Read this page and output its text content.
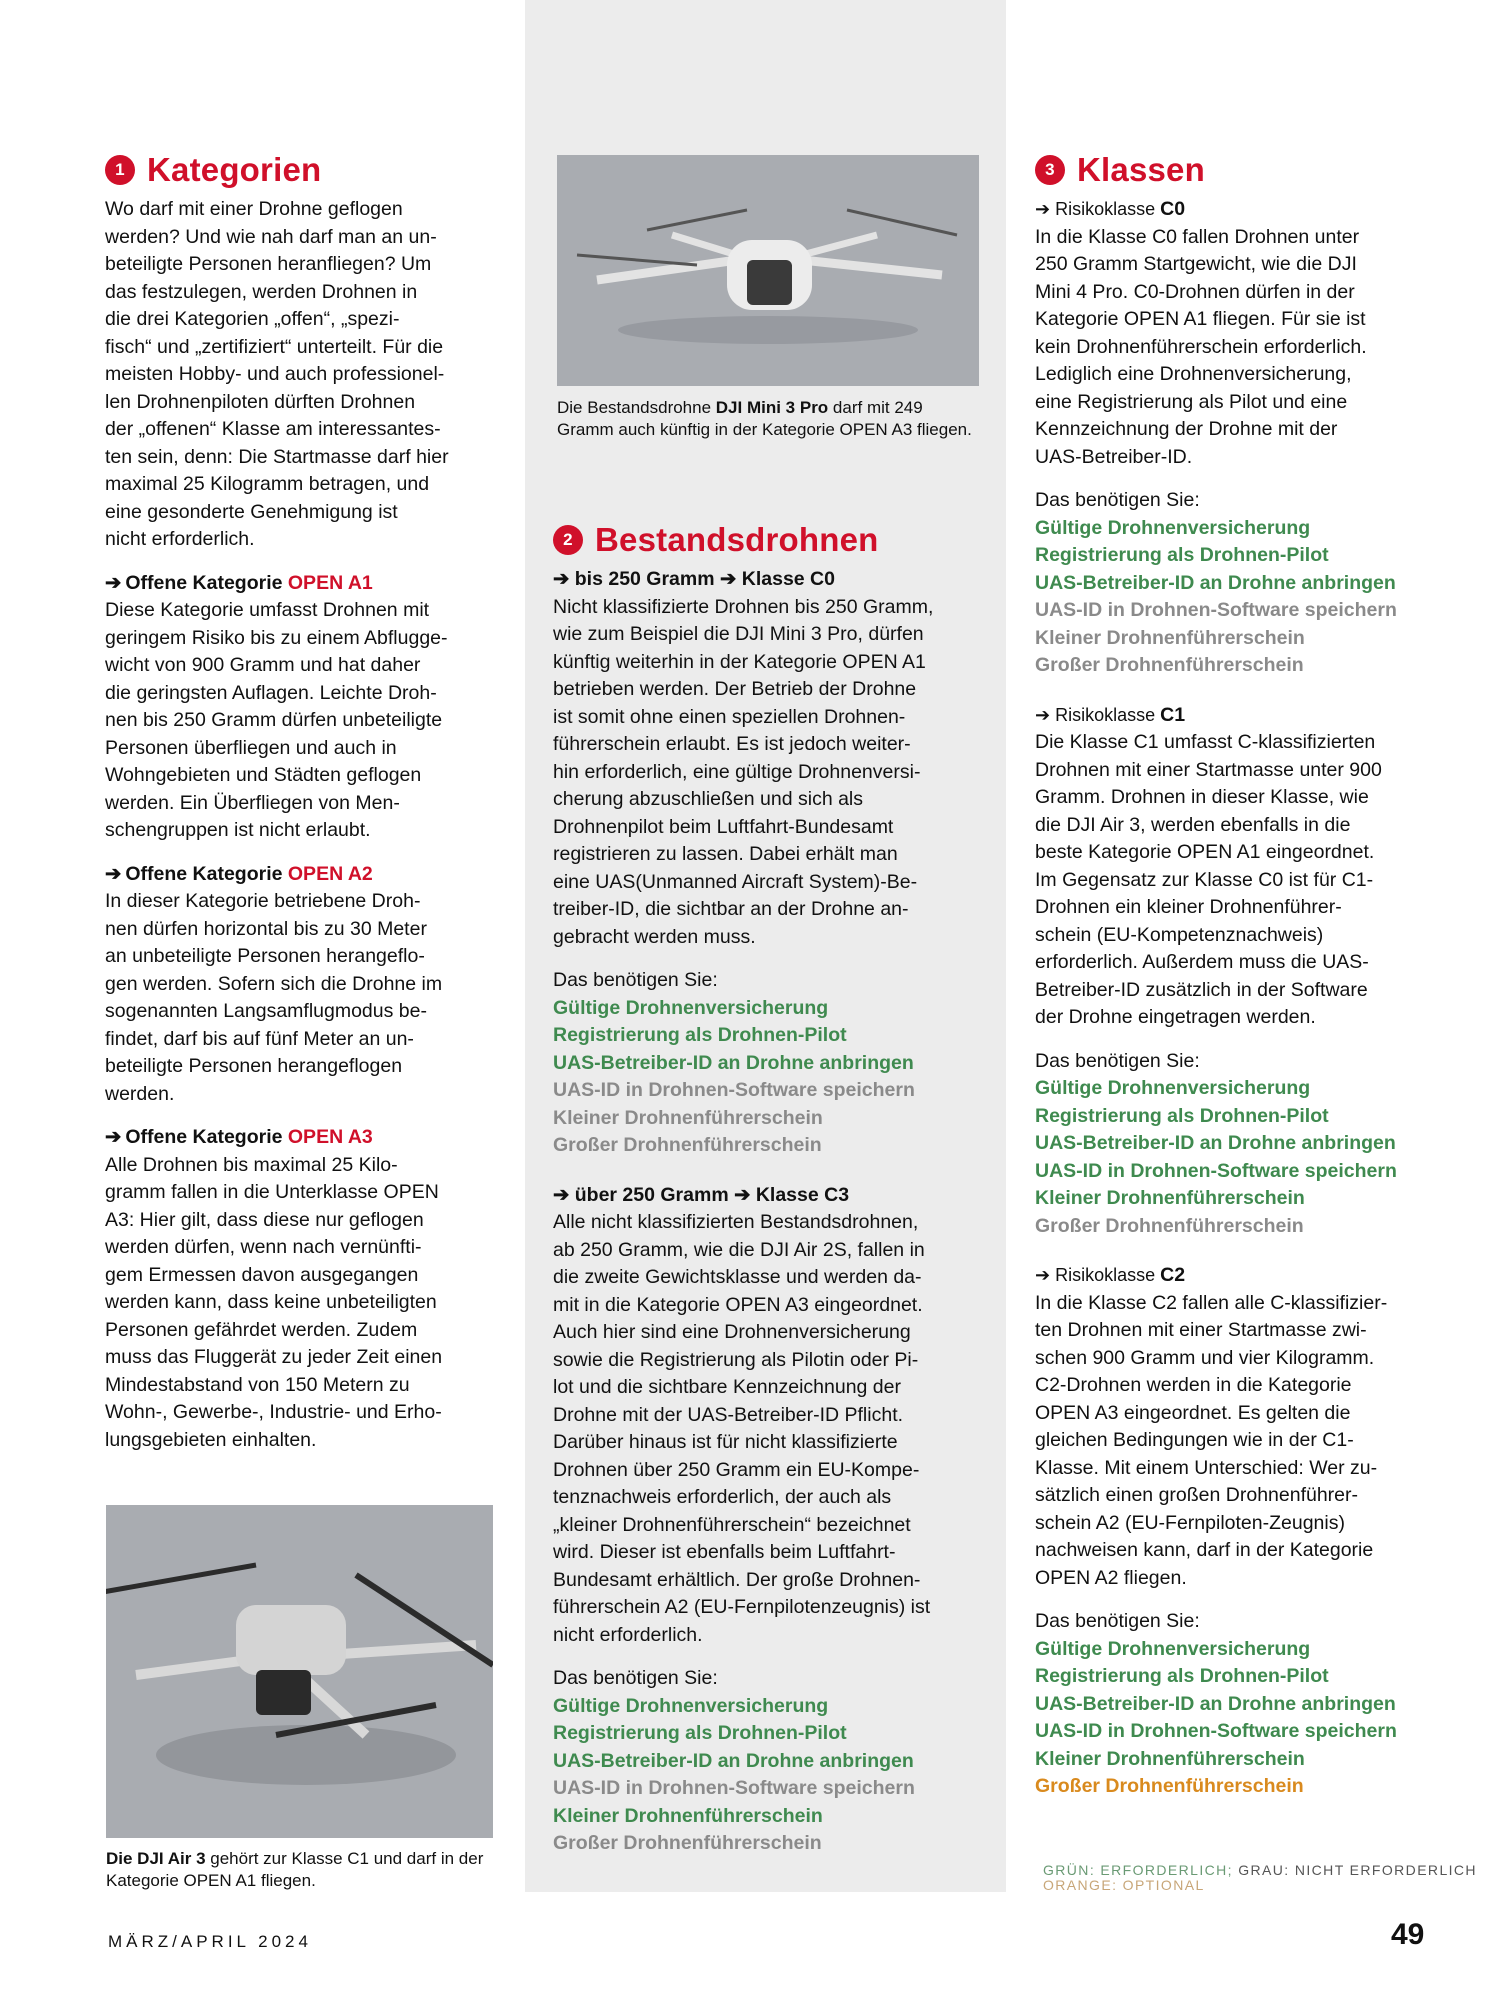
1 Kategorien
Wo darf mit einer Drohne geflogen
werden? Und wie nah darf man an un-
beteiligte Personen heranfliegen? Um
das festzulegen, werden Drohnen in
die drei Kategorien „offen“, „spezi-
fisch“ und „zertifiziert“ unterteilt. Für die
meisten Hobby- und auch professionel-
len Drohnenpiloten dürften Drohnen
der „offenen“ Klasse am interessantes-
ten sein, denn: Die Startmasse darf hier
maximal 25 Kilogramm betragen, und
eine gesonderte Genehmigung ist
nicht erforderlich.
➔ Offene Kategorie OPEN A1
Diese Kategorie umfasst Drohnen mit
geringem Risiko bis zu einem Abflugge-
wicht von 900 Gramm und hat daher
die geringsten Auflagen. Leichte Droh-
nen bis 250 Gramm dürfen unbeteiligte
Personen überfliegen und auch in
Wohngebieten und Städten geflogen
werden. Ein Überfliegen von Men-
schengruppen ist nicht erlaubt.
➔ Offene Kategorie OPEN A2
In dieser Kategorie betriebene Droh-
nen dürfen horizontal bis zu 30 Meter
an unbeteiligte Personen herangeflo-
gen werden. Sofern sich die Drohne im
sogenannten Langsamflugmodus be-
findet, darf bis auf fünf Meter an un-
beteiligte Personen herangeflogen
werden.
➔ Offene Kategorie OPEN A3
Alle Drohnen bis maximal 25 Kilo-
gramm fallen in die Unterklasse OPEN
A3: Hier gilt, dass diese nur geflogen
werden dürfen, wenn nach vernünfti-
gem Ermessen davon ausgegangen
werden kann, dass keine unbeteiligten
Personen gefährdet werden. Zudem
muss das Fluggerät zu jeder Zeit einen
Mindestabstand von 150 Metern zu
Wohn-, Gewerbe-, Industrie- und Erho-
lungsgebieten einhalten.
Die DJI Air 3 gehört zur Klasse C1 und darf in der Kategorie OPEN A1 fliegen.
Die Bestandsdrohne DJI Mini 3 Pro darf mit 249 Gramm auch künftig in der Kategorie OPEN A3 fliegen.
2 Bestandsdrohnen
➔ bis 250 Gramm ➔ Klasse C0
Nicht klassifizierte Drohnen bis 250 Gramm,
wie zum Beispiel die DJI Mini 3 Pro, dürfen
künftig weiterhin in der Kategorie OPEN A1
betrieben werden. Der Betrieb der Drohne
ist somit ohne einen speziellen Drohnen-
führerschein erlaubt. Es ist jedoch weiter-
hin erforderlich, eine gültige Drohnenversi-
cherung abzuschließen und sich als
Drohnenpilot beim Luftfahrt-Bundesamt
registrieren zu lassen. Dabei erhält man
eine UAS(Unmanned Aircraft System)-Be-
treiber-ID, die sichtbar an der Drohne an-
gebracht werden muss.
Das benötigen Sie:
Gültige Drohnenversicherung
Registrierung als Drohnen-Pilot
UAS-Betreiber-ID an Drohne anbringen
UAS-ID in Drohnen-Software speichern
Kleiner Drohnenführerschein
Großer Drohnenführerschein
➔ über 250 Gramm ➔ Klasse C3
Alle nicht klassifizierten Bestandsdrohnen,
ab 250 Gramm, wie die DJI Air 2S, fallen in
die zweite Gewichtsklasse und werden da-
mit in die Kategorie OPEN A3 eingeordnet.
Auch hier sind eine Drohnenversicherung
sowie die Registrierung als Pilotin oder Pi-
lot und die sichtbare Kennzeichnung der
Drohne mit der UAS-Betreiber-ID Pflicht.
Darüber hinaus ist für nicht klassifizierte
Drohnen über 250 Gramm ein EU-Kompe-
tenznachweis erforderlich, der auch als
„kleiner Drohnenführerschein“ bezeichnet
wird. Dieser ist ebenfalls beim Luftfahrt-
Bundesamt erhältlich. Der große Drohnen-
führerschein A2 (EU-Fernpilotenzeugnis) ist
nicht erforderlich.
Das benötigen Sie:
Gültige Drohnenversicherung
Registrierung als Drohnen-Pilot
UAS-Betreiber-ID an Drohne anbringen
UAS-ID in Drohnen-Software speichern
Kleiner Drohnenführerschein
Großer Drohnenführerschein
3 Klassen
➔ Risikoklasse C0
In die Klasse C0 fallen Drohnen unter
250 Gramm Startgewicht, wie die DJI
Mini 4 Pro. C0-Drohnen dürfen in der
Kategorie OPEN A1 fliegen. Für sie ist
kein Drohnenführerschein erforderlich.
Lediglich eine Drohnenversicherung,
eine Registrierung als Pilot und eine
Kennzeichnung der Drohne mit der
UAS-Betreiber-ID.
Das benötigen Sie:
Gültige Drohnenversicherung
Registrierung als Drohnen-Pilot
UAS-Betreiber-ID an Drohne anbringen
UAS-ID in Drohnen-Software speichern
Kleiner Drohnenführerschein
Großer Drohnenführerschein
➔ Risikoklasse C1
Die Klasse C1 umfasst C-klassifizierten
Drohnen mit einer Startmasse unter 900
Gramm. Drohnen in dieser Klasse, wie
die DJI Air 3, werden ebenfalls in die
beste Kategorie OPEN A1 eingeordnet.
Im Gegensatz zur Klasse C0 ist für C1-
Drohnen ein kleiner Drohnenführer-
schein (EU-Kompetenznachweis)
erforderlich. Außerdem muss die UAS-
Betreiber-ID zusätzlich in der Software
der Drohne eingetragen werden.
Das benötigen Sie:
Gültige Drohnenversicherung
Registrierung als Drohnen-Pilot
UAS-Betreiber-ID an Drohne anbringen
UAS-ID in Drohnen-Software speichern
Kleiner Drohnenführerschein
Großer Drohnenführerschein
➔ Risikoklasse C2
In die Klasse C2 fallen alle C-klassifizier-
ten Drohnen mit einer Startmasse zwi-
schen 900 Gramm und vier Kilogramm.
C2-Drohnen werden in die Kategorie
OPEN A3 eingeordnet. Es gelten die
gleichen Bedingungen wie in der C1-
Klasse. Mit einem Unterschied: Wer zu-
sätzlich einen großen Drohnenführer-
schein A2 (EU-Fernpiloten-Zeugnis)
nachweisen kann, darf in der Kategorie
OPEN A2 fliegen.
Das benötigen Sie:
Gültige Drohnenversicherung
Registrierung als Drohnen-Pilot
UAS-Betreiber-ID an Drohne anbringen
UAS-ID in Drohnen-Software speichern
Kleiner Drohnenführerschein
Großer Drohnenführerschein
GRÜN: ERFORDERLICH; GRAU: NICHT ERFORDERLICH
ORANGE: OPTIONAL
MÄRZ/APRIL 2024	49
